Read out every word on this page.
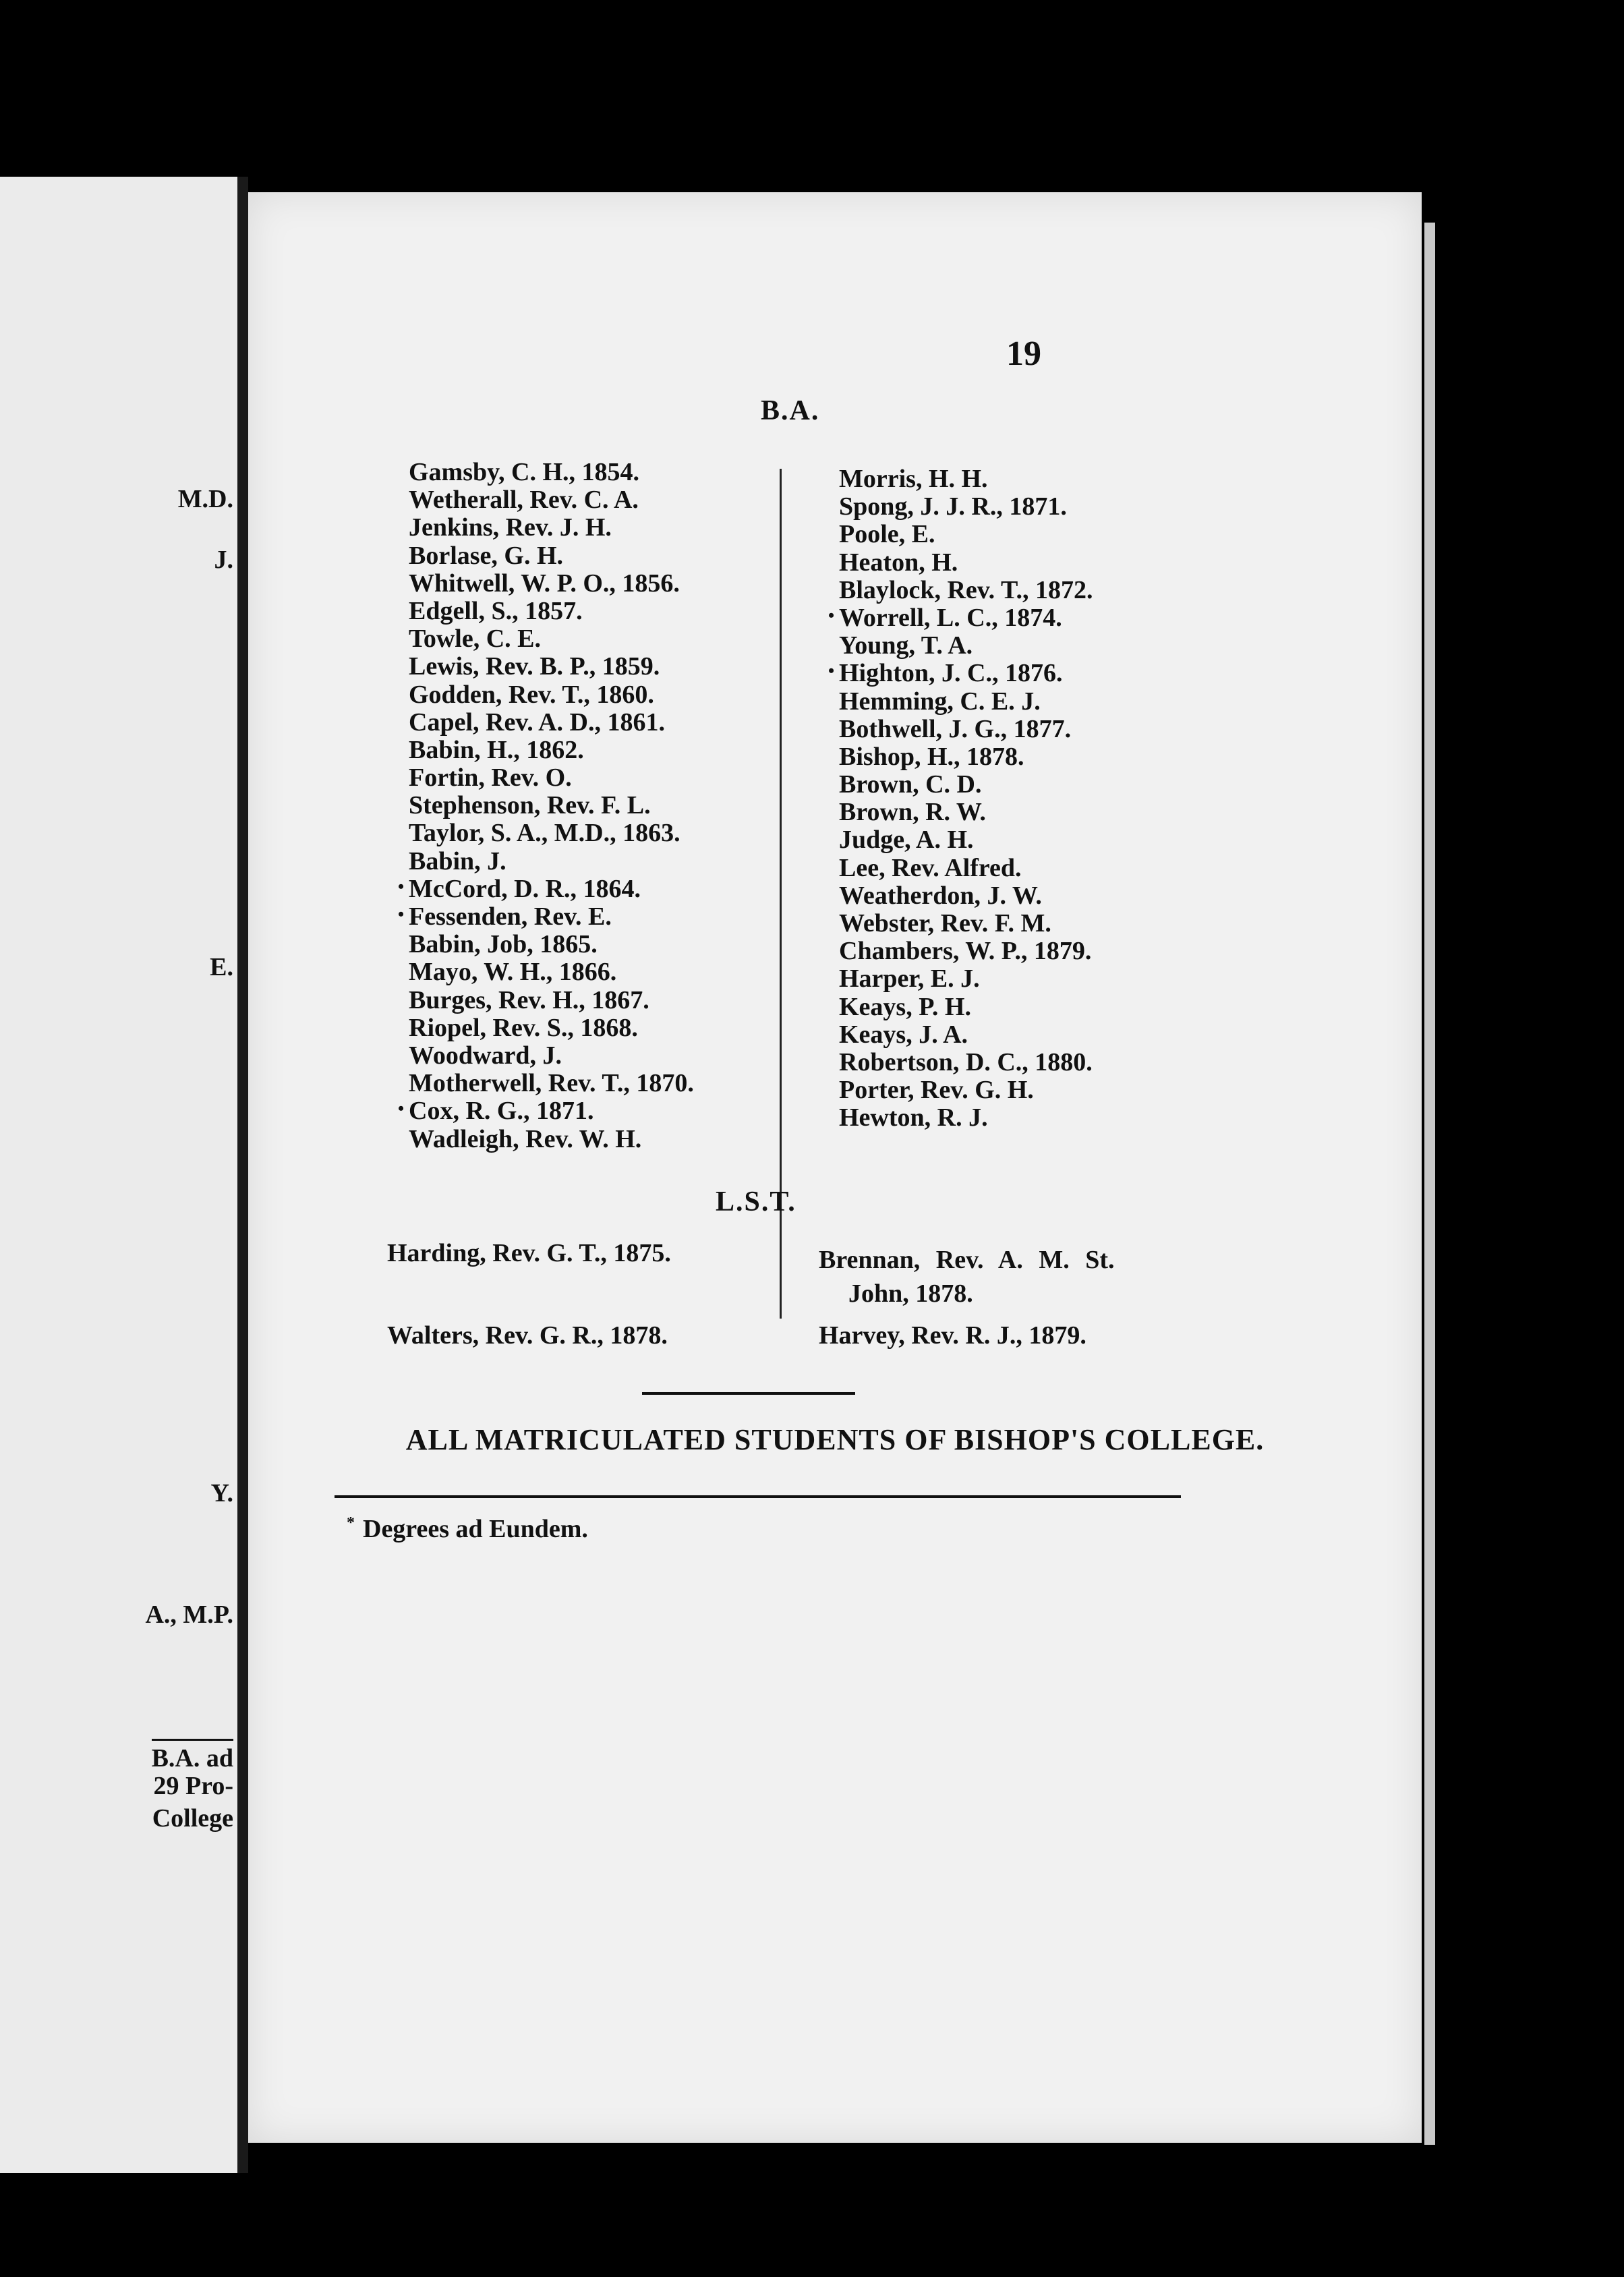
M.D.
J.
E.
Y.
A., M.P.
B.A. ad
29 Pro-
College
19
B.A.
Gamsby, C. H., 1854.
Wetherall, Rev. C. A.
Jenkins, Rev. J. H.
Borlase, G. H.
Whitwell, W. P. O., 1856.
Edgell, S., 1857.
Towle, C. E.
Lewis, Rev. B. P., 1859.
Godden, Rev. T., 1860.
Capel, Rev. A. D., 1861.
Babin, H., 1862.
Fortin, Rev. O.
Stephenson, Rev. F. L.
Taylor, S. A., M.D., 1863.
Babin, J.
• McCord, D. R., 1864.
• Fessenden, Rev. E.
Babin, Job, 1865.
Mayo, W. H., 1866.
Burges, Rev. H., 1867.
Riopel, Rev. S., 1868.
Woodward, J.
Motherwell, Rev. T., 1870.
• Cox, R. G., 1871.
Wadleigh, Rev. W. H.
Morris, H. H.
Spong, J. J. R., 1871.
Poole, E.
Heaton, H.
Blaylock, Rev. T., 1872.
• Worrell, L. C., 1874.
Young, T. A.
• Highton, J. C., 1876.
Hemming, C. E. J.
Bothwell, J. G., 1877.
Bishop, H., 1878.
Brown, C. D.
Brown, R. W.
Judge, A. H.
Lee, Rev. Alfred.
Weatherdon, J. W.
Webster, Rev. F. M.
Chambers, W. P., 1879.
Harper, E. J.
Keays, P. H.
Keays, J. A.
Robertson, D. C., 1880.
Porter, Rev. G. H.
Hewton, R. J.
L.S.T.
Harding, Rev. G. T., 1875.	Brennan, Rev. A. M. St.
John, 1878.
Walters, Rev. G. R., 1878.	Harvey, Rev. R. J., 1879.
ALL MATRICULATED STUDENTS OF BISHOP'S COLLEGE.
* Degrees ad Eundem.
